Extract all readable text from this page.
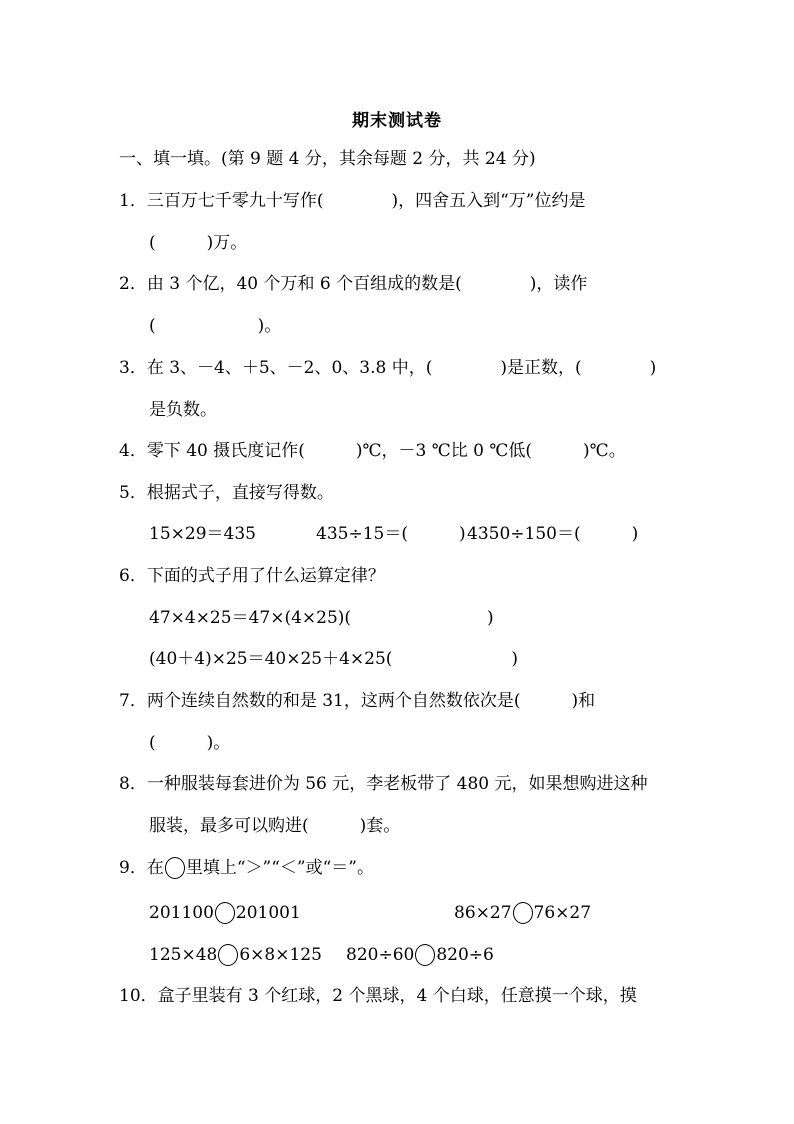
期末测试卷
一、填一填。(第 9 题 4 分，其余每题 2 分，共 24 分)
1．三百万七千零九十写作(　　　　)，四舍五入到“万”位约是
(　　　)万。
2．由 3 个亿，40 个万和 6 个百组成的数是(　　　　)，读作
(　　　　　　)。
3．在 3、－4、＋5、－2、0、3.8 中，(　　　　)是正数，(　　　　)
是负数。
4．零下 40 摄氏度记作(　　　)℃，－3 ℃比 0 ℃低(　　　)℃。
5．根据式子，直接写得数。
15×29＝435	435÷15＝(　　　) 4350÷150＝(　　　)
6．下面的式子用了什么运算定律？
47×4×25＝47×(4×25)(　　　　　　　　)
(40＋4)×25＝40×25＋4×25(　　　　　　　)
7．两个连续自然数的和是 31，这两个自然数依次是(　　　)和
(　　　)。
8．一种服装每套进价为 56 元，李老板带了 480 元，如果想购进这种
服装，最多可以购进(　　　)套。
9．在 里填上“＞”“＜”或“＝”。
201100 201001	86×27 76×27
125×48 6×8×125 820÷60 820÷6
10．盒子里装有 3 个红球，2 个黑球，4 个白球，任意摸一个球，摸
